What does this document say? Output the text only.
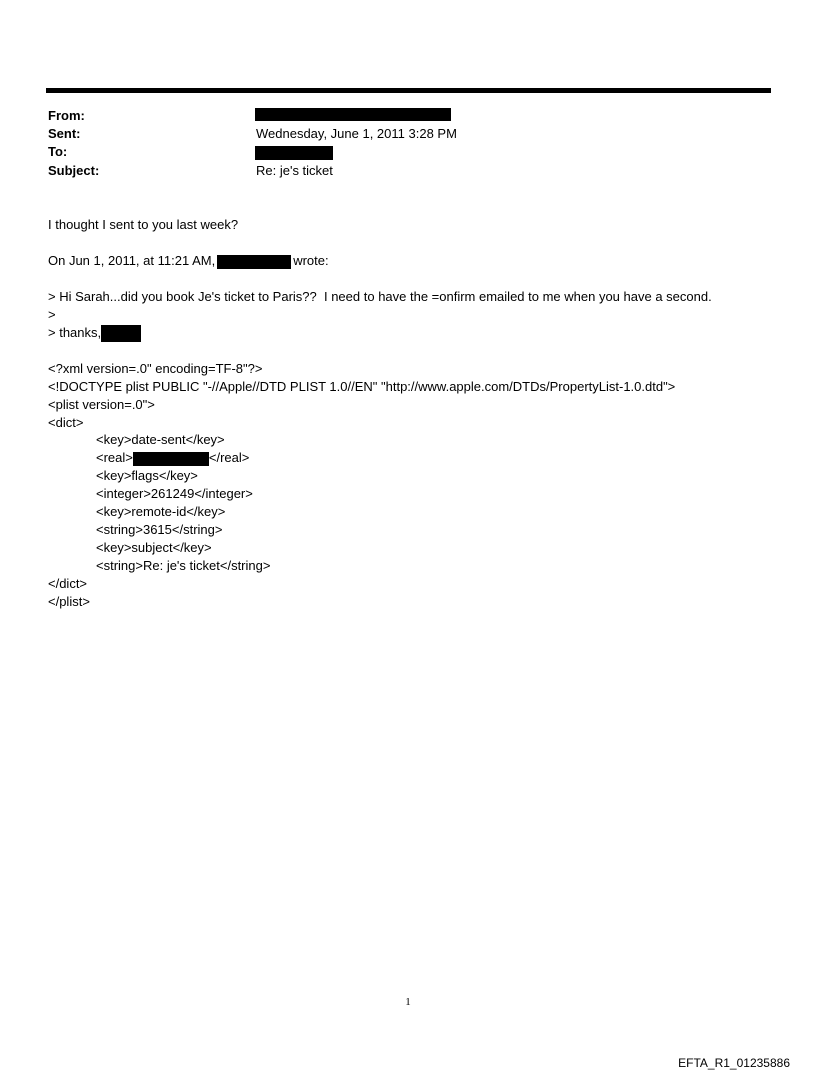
From:
Sent:	Wednesday, June 1, 2011 3:28 PM
To:
Subject:	Re: je's ticket
I thought I sent to you last week?
On Jun 1, 2011, at 11:21 AM,	wrote:
> Hi Sarah...did you book Je's ticket to Paris??  I need to have the =onfirm emailed to me when you have a second.
>
> thanks,
<?xml version=.0" encoding=TF-8"?>
<!DOCTYPE plist PUBLIC "-//Apple//DTD PLIST 1.0//EN" "http://www.apple.com/DTDs/PropertyList-1.0.dtd">
<plist version=.0">
<dict>
<key>date-sent</key>
<real>	</real>
<key>flags</key>
<integer>261249</integer>
<key>remote-id</key>
<string>3615</string>
<key>subject</key>
<string>Re: je's ticket</string>
</dict>
</plist>
1
EFTA_R1_01235886
